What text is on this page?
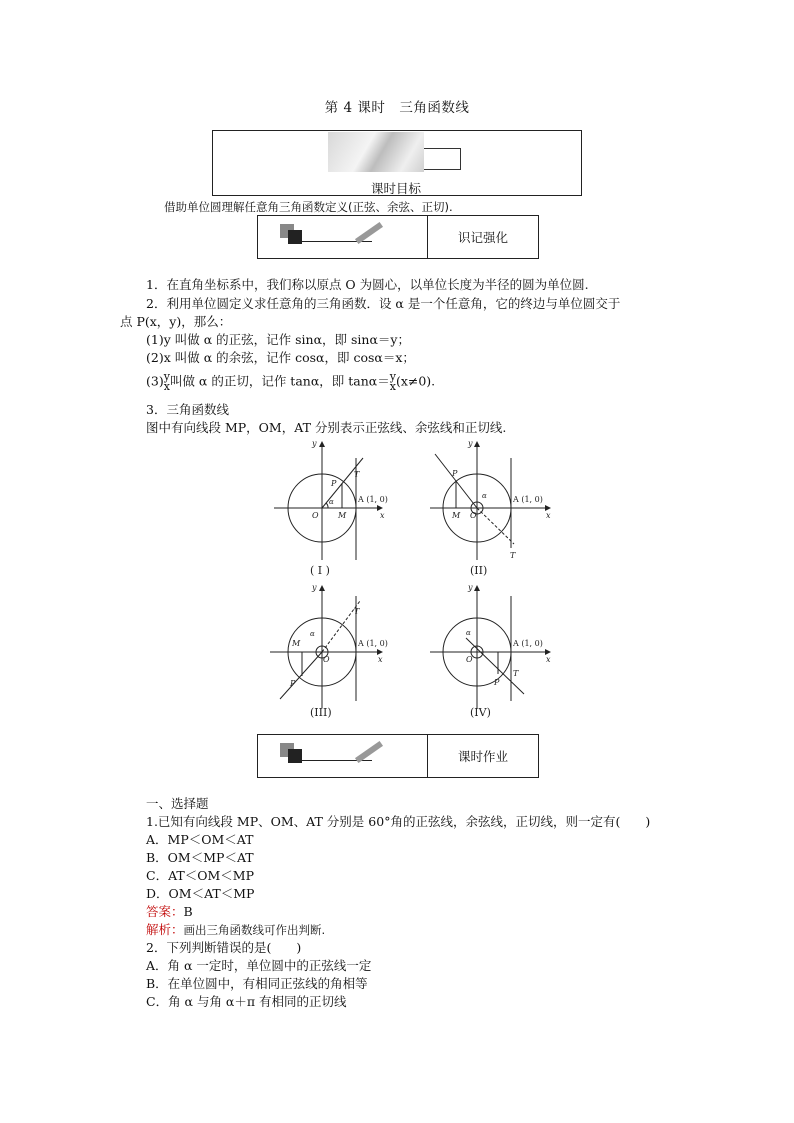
第 4 课时　三角函数线
课时目标
借助单位圆理解任意角三角函数定义(正弦、余弦、正切).
识记强化
1．在直角坐标系中，我们称以原点 O 为圆心，以单位长度为半径的圆为单位圆.
2．利用单位圆定义求任意角的三角函数．设 α 是一个任意角，它的终边与单位圆交于
点 P(x，y)，那么：
(1)y 叫做 α 的正弦，记作 sinα，即 sinα＝y；
(2)x 叫做 α 的余弦，记作 cosα，即 cosα＝x；
(3) y
x 叫做 α 的正切，记作 tanα，即 tanα＝ y
x (x≠0).
3．三角函数线
图中有向线段 MP，OM，AT 分别表示正弦线、余弦线和正切线.
y
x
O
P
M
T
α	A (1, 0)
y
x
O
P
M
T
α	A (1, 0)
y
x
O
P
M
T
α
A (1, 0)
y
x
O
P
T
α
A (1, 0)
( I )	(II)
(III)	(IV)
课时作业
一、选择题
1.已知有向线段 MP、OM、AT 分别是 60°角的正弦线，余弦线，正切线，则一定有(　　)
A．MP＜OM＜AT
B．OM＜MP＜AT
C．AT＜OM＜MP
D．OM＜AT＜MP
答案：B
解析：画出三角函数线可作出判断.
2．下列判断错误的是(　　)
A．角 α 一定时，单位圆中的正弦线一定
B．在单位圆中，有相同正弦线的角相等
C．角 α 与角 α＋π 有相同的正切线
